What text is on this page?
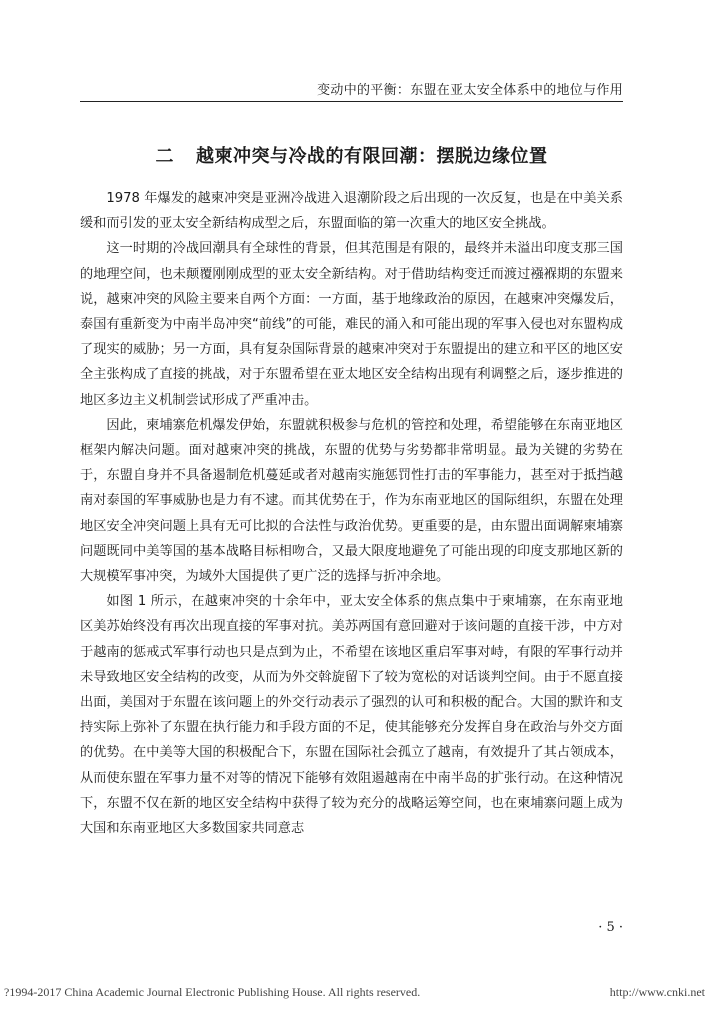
变动中的平衡：东盟在亚太安全体系中的地位与作用
二 越柬冲突与冷战的有限回潮：摆脱边缘位置

1978 年爆发的越柬冲突是亚洲冷战进入退潮阶段之后出现的一次反复，也是在中美关系缓和而引发的亚太安全新结构成型之后，东盟面临的第一次重大的地区安全挑战。

这一时期的冷战回潮具有全球性的背景，但其范围是有限的，最终并未溢出印度支那三国的地理空间，也未颠覆刚刚成型的亚太安全新结构。对于借助结构变迁而渡过襁褓期的东盟来说，越柬冲突的风险主要来自两个方面：一方面，基于地缘政治的原因，在越柬冲突爆发后，泰国有重新变为中南半岛冲突“前线”的可能，难民的涌入和可能出现的军事入侵也对东盟构成了现实的威胁；另一方面，具有复杂国际背景的越柬冲突对于东盟提出的建立和平区的地区安全主张构成了直接的挑战，对于东盟希望在亚太地区安全结构出现有利调整之后，逐步推进的地区多边主义机制尝试形成了严重冲击。

因此，柬埔寨危机爆发伊始，东盟就积极参与危机的管控和处理，希望能够在东南亚地区框架内解决问题。面对越柬冲突的挑战，东盟的优势与劣势都非常明显。最为关键的劣势在于，东盟自身并不具备遏制危机蔓延或者对越南实施惩罚性打击的军事能力，甚至对于抵挡越南对泰国的军事威胁也是力有不逮。而其优势在于，作为东南亚地区的国际组织，东盟在处理地区安全冲突问题上具有无可比拟的合法性与政治优势。更重要的是，由东盟出面调解柬埔寨问题既同中美等国的基本战略目标相吻合，又最大限度地避免了可能出现的印度支那地区新的大规模军事冲突，为域外大国提供了更广泛的选择与折冲余地。

如图 1 所示，在越柬冲突的十余年中，亚太安全体系的焦点集中于柬埔寨，在东南亚地区美苏始终没有再次出现直接的军事对抗。美苏两国有意回避对于该问题的直接干涉，中方对于越南的惩戒式军事行动也只是点到为止，不希望在该地区重启军事对峙，有限的军事行动并未导致地区安全结构的改变，从而为外交斡旋留下了较为宽松的对话谈判空间。由于不愿直接出面，美国对于东盟在该问题上的外交行动表示了强烈的认可和积极的配合。大国的默许和支持实际上弥补了东盟在执行能力和手段方面的不足，使其能够充分发挥自身在政治与外交方面的优势。在中美等大国的积极配合下，东盟在国际社会孤立了越南，有效提升了其占领成本，从而使东盟在军事力量不对等的情况下能够有效阻遏越南在中南半岛的扩张行动。在这种情况下，东盟不仅在新的地区安全结构中获得了较为充分的战略运筹空间，也在柬埔寨问题上成为大国和东南亚地区大多数国家共同意志

· 5 ·
?1994-2017 China Academic Journal Electronic Publishing House. All rights reserved.	http://www.cnki.net
